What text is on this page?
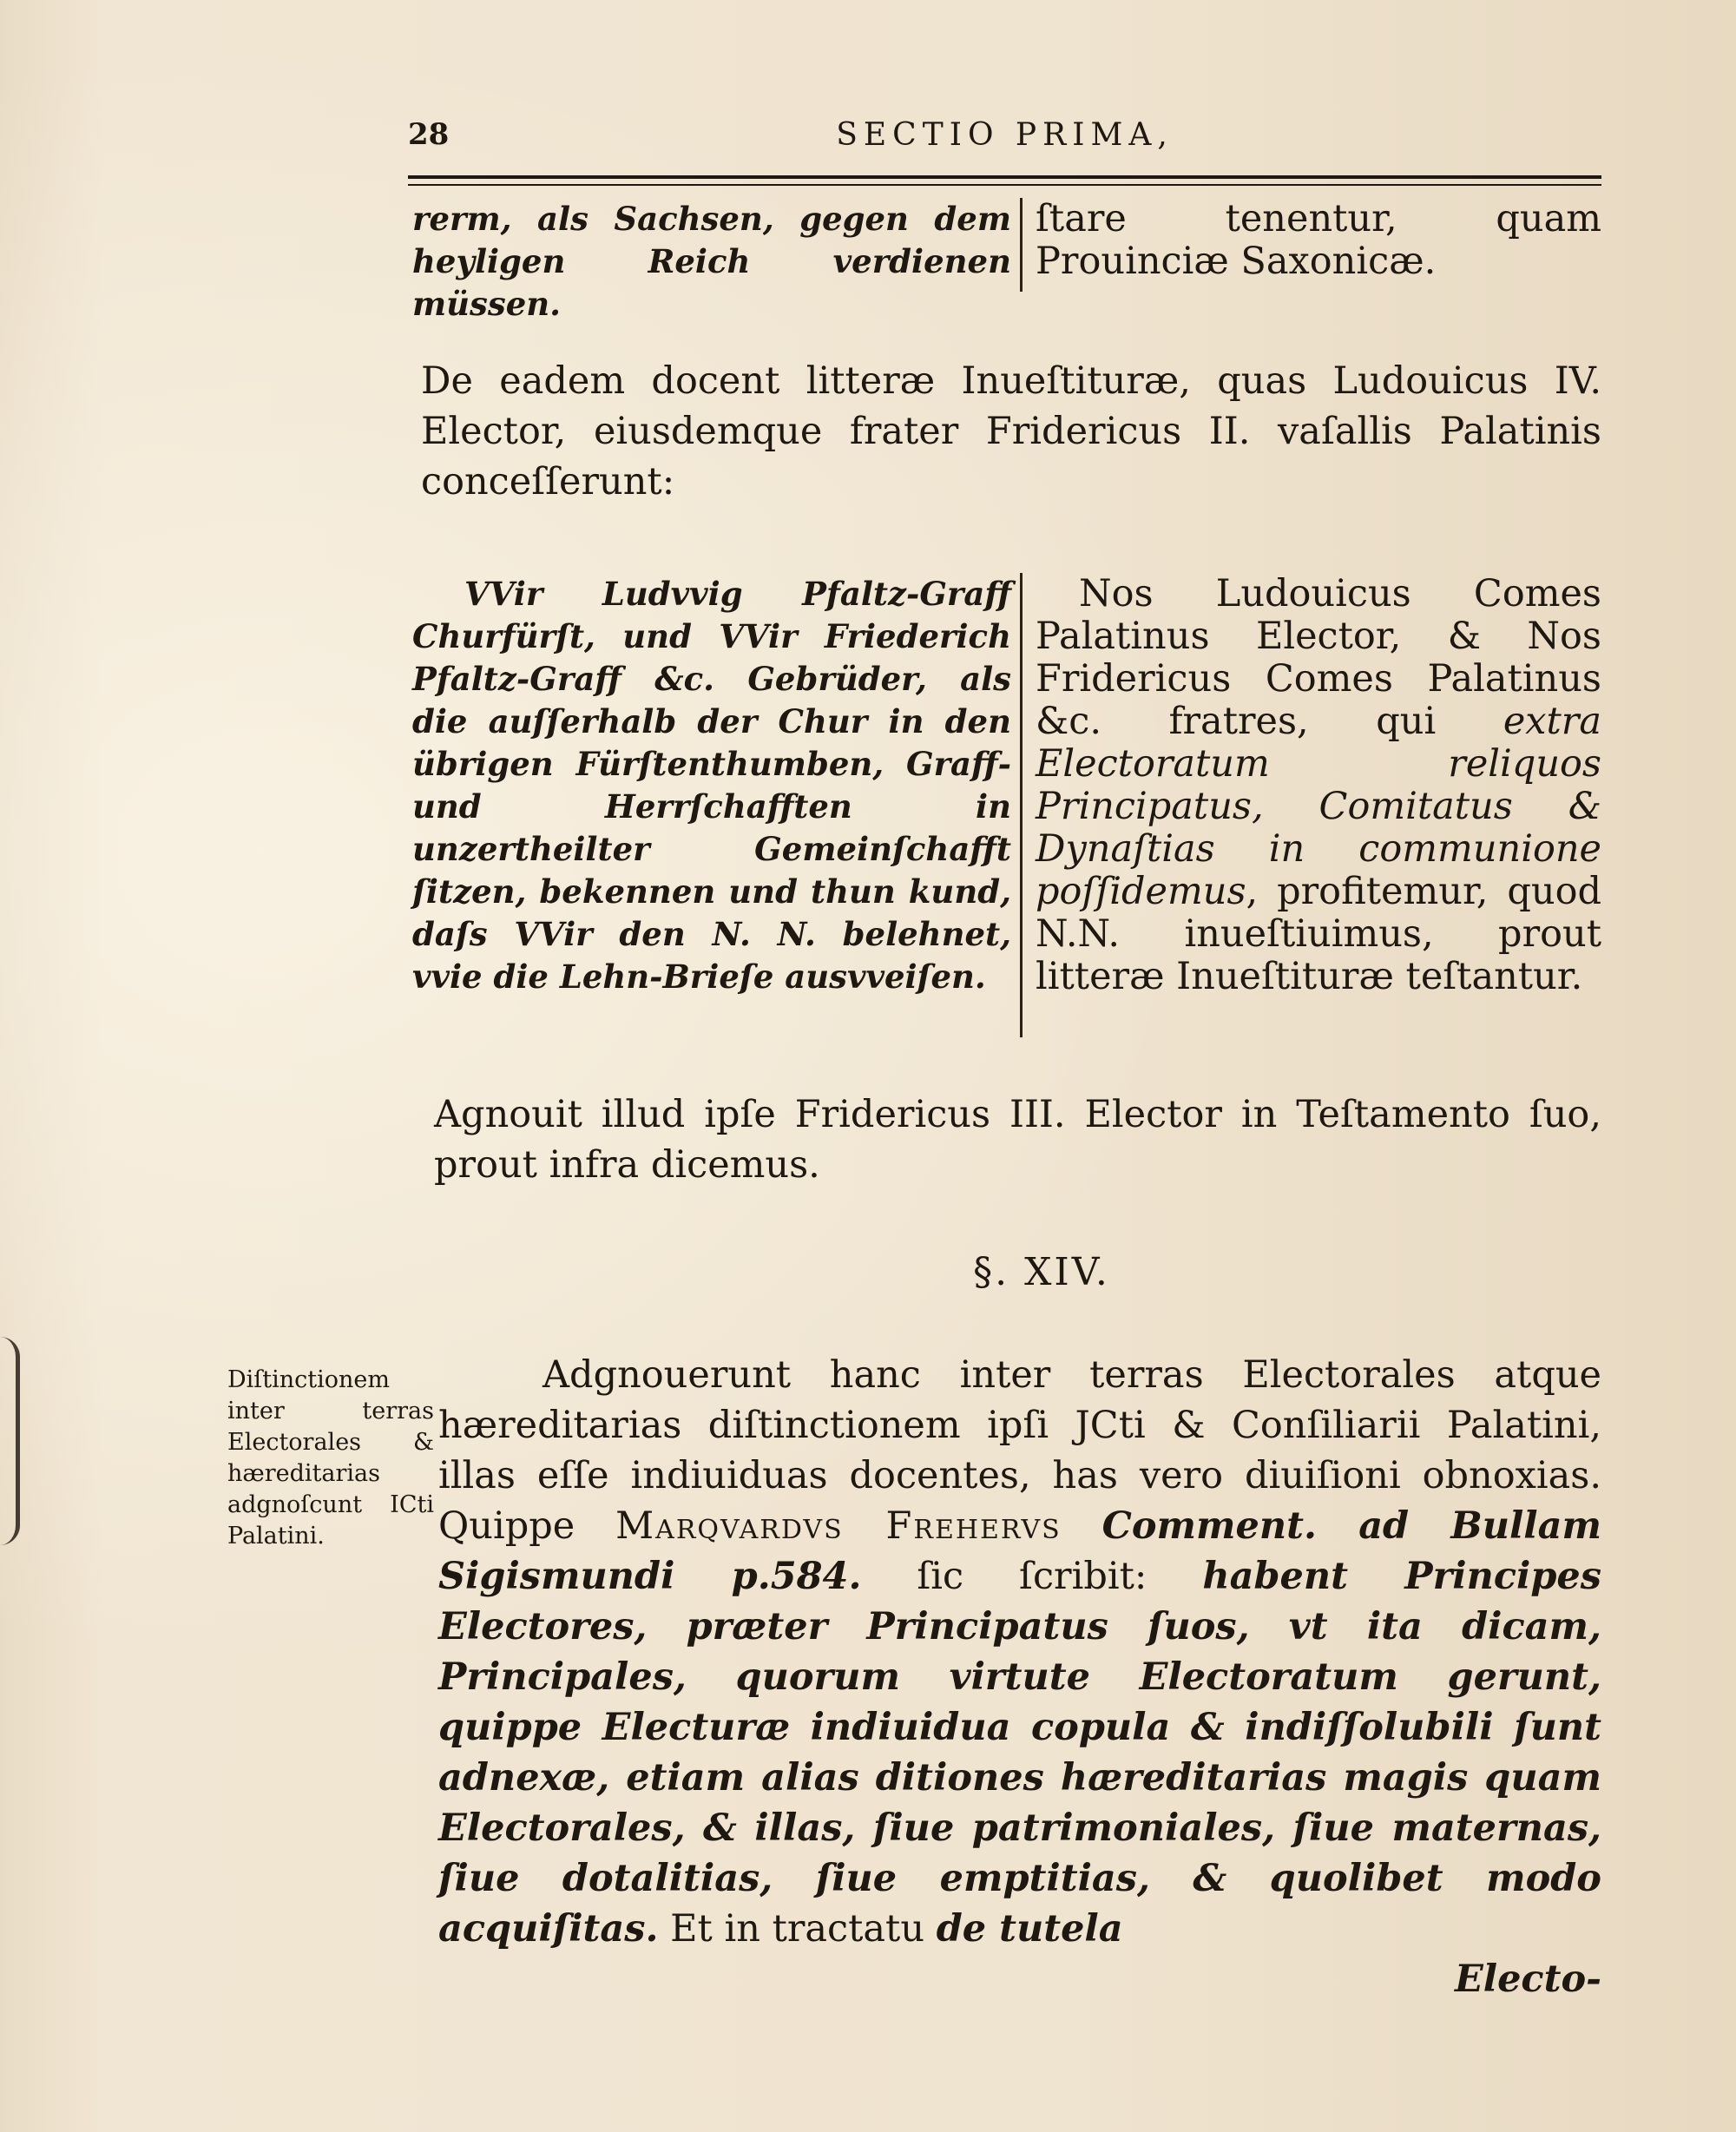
28	SECTIO PRIMA,
rerm, als Sachsen, gegen dem heyligen Reich verdienen müssen.
ſtare tenentur, quam Prouinciæ Saxonicæ.
De eadem docent litteræ Inueſtituræ, quas Ludouicus IV. Elector, eiusdemque frater Fridericus II. vaſallis Palatinis conceſſerunt:
VVir Ludvvig Pfaltz-Graff Churfürſt, und VVir Friederich Pfaltz-Graff &c. Gebrüder, als die auſſerhalb der Chur in den übrigen Fürſtenthumben, Graff- und Herrſchafften in unzertheilter Gemeinſchafft ſitzen, bekennen und thun kund, daſs VVir den N. N. belehnet, vvie die Lehn-Brieſe ausvveiſen.
Nos Ludouicus Comes Palatinus Elector, & Nos Fridericus Comes Palatinus &c. fratres, qui extra Electoratum reliquos Principatus, Comitatus & Dynaſtias in communione poſſidemus, profitemur, quod N.N. inueſtiuimus, prout litteræ Inueſtituræ teſtantur.
Agnouit illud ipſe Fridericus III. Elector in Teſtamento ſuo, prout infra dicemus.
§. XIV.
Diſtinctionem inter terras Electorales & hæreditarias adgnoſcunt ICti Palatini.
Adgnouerunt hanc inter terras Electorales atque hæreditarias diſtinctionem ipſi JCti & Conſiliarii Palatini, illas eſſe indiuiduas docentes, has vero diuiſioni obnoxias. Quippe Marqvardvs Frehervs Comment. ad Bullam Sigismundi p.584. ſic ſcribit: habent Principes Electores, præter Principatus ſuos, vt ita dicam, Principales, quorum virtute Electoratum gerunt, quippe Electuræ indiuidua copula & indiſſolubili ſunt adnexæ, etiam alias ditiones hæreditarias magis quam Electorales, & illas, ſiue patrimoniales, ſiue maternas, ſiue dotalitias, ſiue emptitias, & quolibet modo acquiſitas. Et in tractatu de tutela
Electo-
